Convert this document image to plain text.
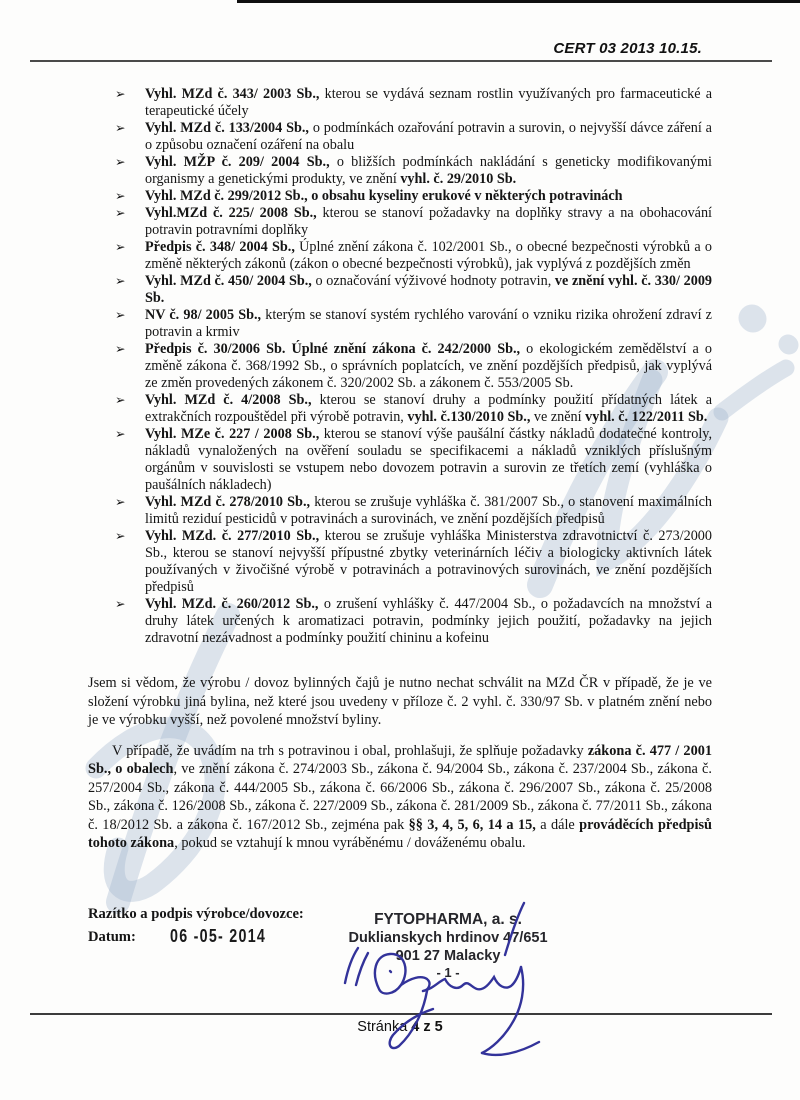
CERT 03 2013 10.15.
➢	Vyhl. MZd č. 343/ 2003 Sb., kterou se vydává seznam rostlin využívaných pro farmaceutické a terapeutické účely
➢	Vyhl. MZd č. 133/2004 Sb., o podmínkách ozařování potravin a surovin, o nejvyšší dávce záření a o způsobu označení ozáření na obalu
➢	Vyhl. MŽP č. 209/ 2004 Sb., o bližších podmínkách nakládání s geneticky modifikovanými organismy a genetickými produkty, ve znění vyhl. č. 29/2010 Sb.
➢	Vyhl. MZd č. 299/2012 Sb., o obsahu kyseliny erukové v některých potravinách
➢	Vyhl.MZd č. 225/ 2008 Sb., kterou se stanoví požadavky na doplňky stravy a na obohacování potravin potravními doplňky
➢	Předpis č. 348/ 2004 Sb., Úplné znění zákona č. 102/2001 Sb., o obecné bezpečnosti výrobků a o změně některých zákonů (zákon o obecné bezpečnosti výrobků), jak vyplývá z pozdějších změn
➢	Vyhl. MZd č. 450/ 2004 Sb., o označování výživové hodnoty potravin, ve znění vyhl. č. 330/ 2009 Sb.
➢	NV č. 98/ 2005 Sb., kterým se stanoví systém rychlého varování o vzniku rizika ohrožení zdraví z potravin a krmiv
➢	Předpis č. 30/2006 Sb. Úplné znění zákona č. 242/2000 Sb., o ekologickém zemědělství a o změně zákona č. 368/1992 Sb., o správních poplatcích, ve znění pozdějších předpisů, jak vyplývá ze změn provedených zákonem č. 320/2002 Sb. a zákonem č. 553/2005 Sb.
➢	Vyhl. MZd č. 4/2008 Sb., kterou se stanoví druhy a podmínky použití přídatných látek a extrakčních rozpouštědel při výrobě potravin, vyhl. č.130/2010 Sb., ve znění vyhl. č. 122/2011 Sb.
➢	Vyhl. MZe č. 227 / 2008 Sb., kterou se stanoví výše paušální částky nákladů dodatečné kontroly, nákladů vynaložených na ověření souladu se specifikacemi a nákladů vzniklých příslušným orgánům v souvislosti se vstupem nebo dovozem potravin a surovin ze třetích zemí (vyhláška o paušálních nákladech)
➢	Vyhl. MZd č. 278/2010 Sb., kterou se zrušuje vyhláška č. 381/2007 Sb., o stanovení maximálních limitů reziduí pesticidů v potravinách a surovinách, ve znění pozdějších předpisů
➢	Vyhl. MZd. č. 277/2010 Sb., kterou se zrušuje vyhláška Ministerstva zdravotnictví č. 273/2000 Sb., kterou se stanoví nejvyšší přípustné zbytky veterinárních léčiv a biologicky aktivních látek používaných v živočišné výrobě v potravinách a potravinových surovinách, ve znění pozdějších předpisů
➢	Vyhl. MZd. č. 260/2012 Sb., o zrušení vyhlášky č. 447/2004 Sb., o požadavcích na množství a druhy látek určených k aromatizaci potravin, podmínky jejich použití, požadavky na jejich zdravotní nezávadnost a podmínky použití chininu a kofeinu

Jsem si vědom, že výrobu / dovoz bylinných čajů je nutno nechat schválit na MZd ČR v případě, že je ve složení výrobku jiná bylina, než které jsou uvedeny v příloze č. 2 vyhl. č. 330/97 Sb. v platném znění nebo je ve výrobku vyšší, než povolené množství byliny.

V případě, že uvádím na trh s potravinou i obal, prohlašuji, že splňuje požadavky zákona č. 477 / 2001 Sb., o obalech, ve znění zákona č. 274/2003 Sb., zákona č. 94/2004 Sb., zákona č. 237/2004 Sb., zákona č. 257/2004 Sb., zákona č. 444/2005 Sb., zákona č. 66/2006 Sb., zákona č. 296/2007 Sb., zákona č. 25/2008 Sb., zákona č. 126/2008 Sb., zákona č. 227/2009 Sb., zákona č. 281/2009 Sb., zákona č. 77/2011 Sb., zákona č. 18/2012 Sb. a zákona č. 167/2012 Sb., zejména pak §§ 3, 4, 5, 6, 14 a 15, a dále prováděcích předpisů tohoto zákona, pokud se vztahují k mnou vyráběnému / dováženému obalu.

Razítko a podpis výrobce/dovozce:
Datum:	06 -05- 2014
FYTOPHARMA, a. s.
Duklianskych hrdinov 47/651
901 27 Malacky
- 1 -
Stránka 4 z 5
